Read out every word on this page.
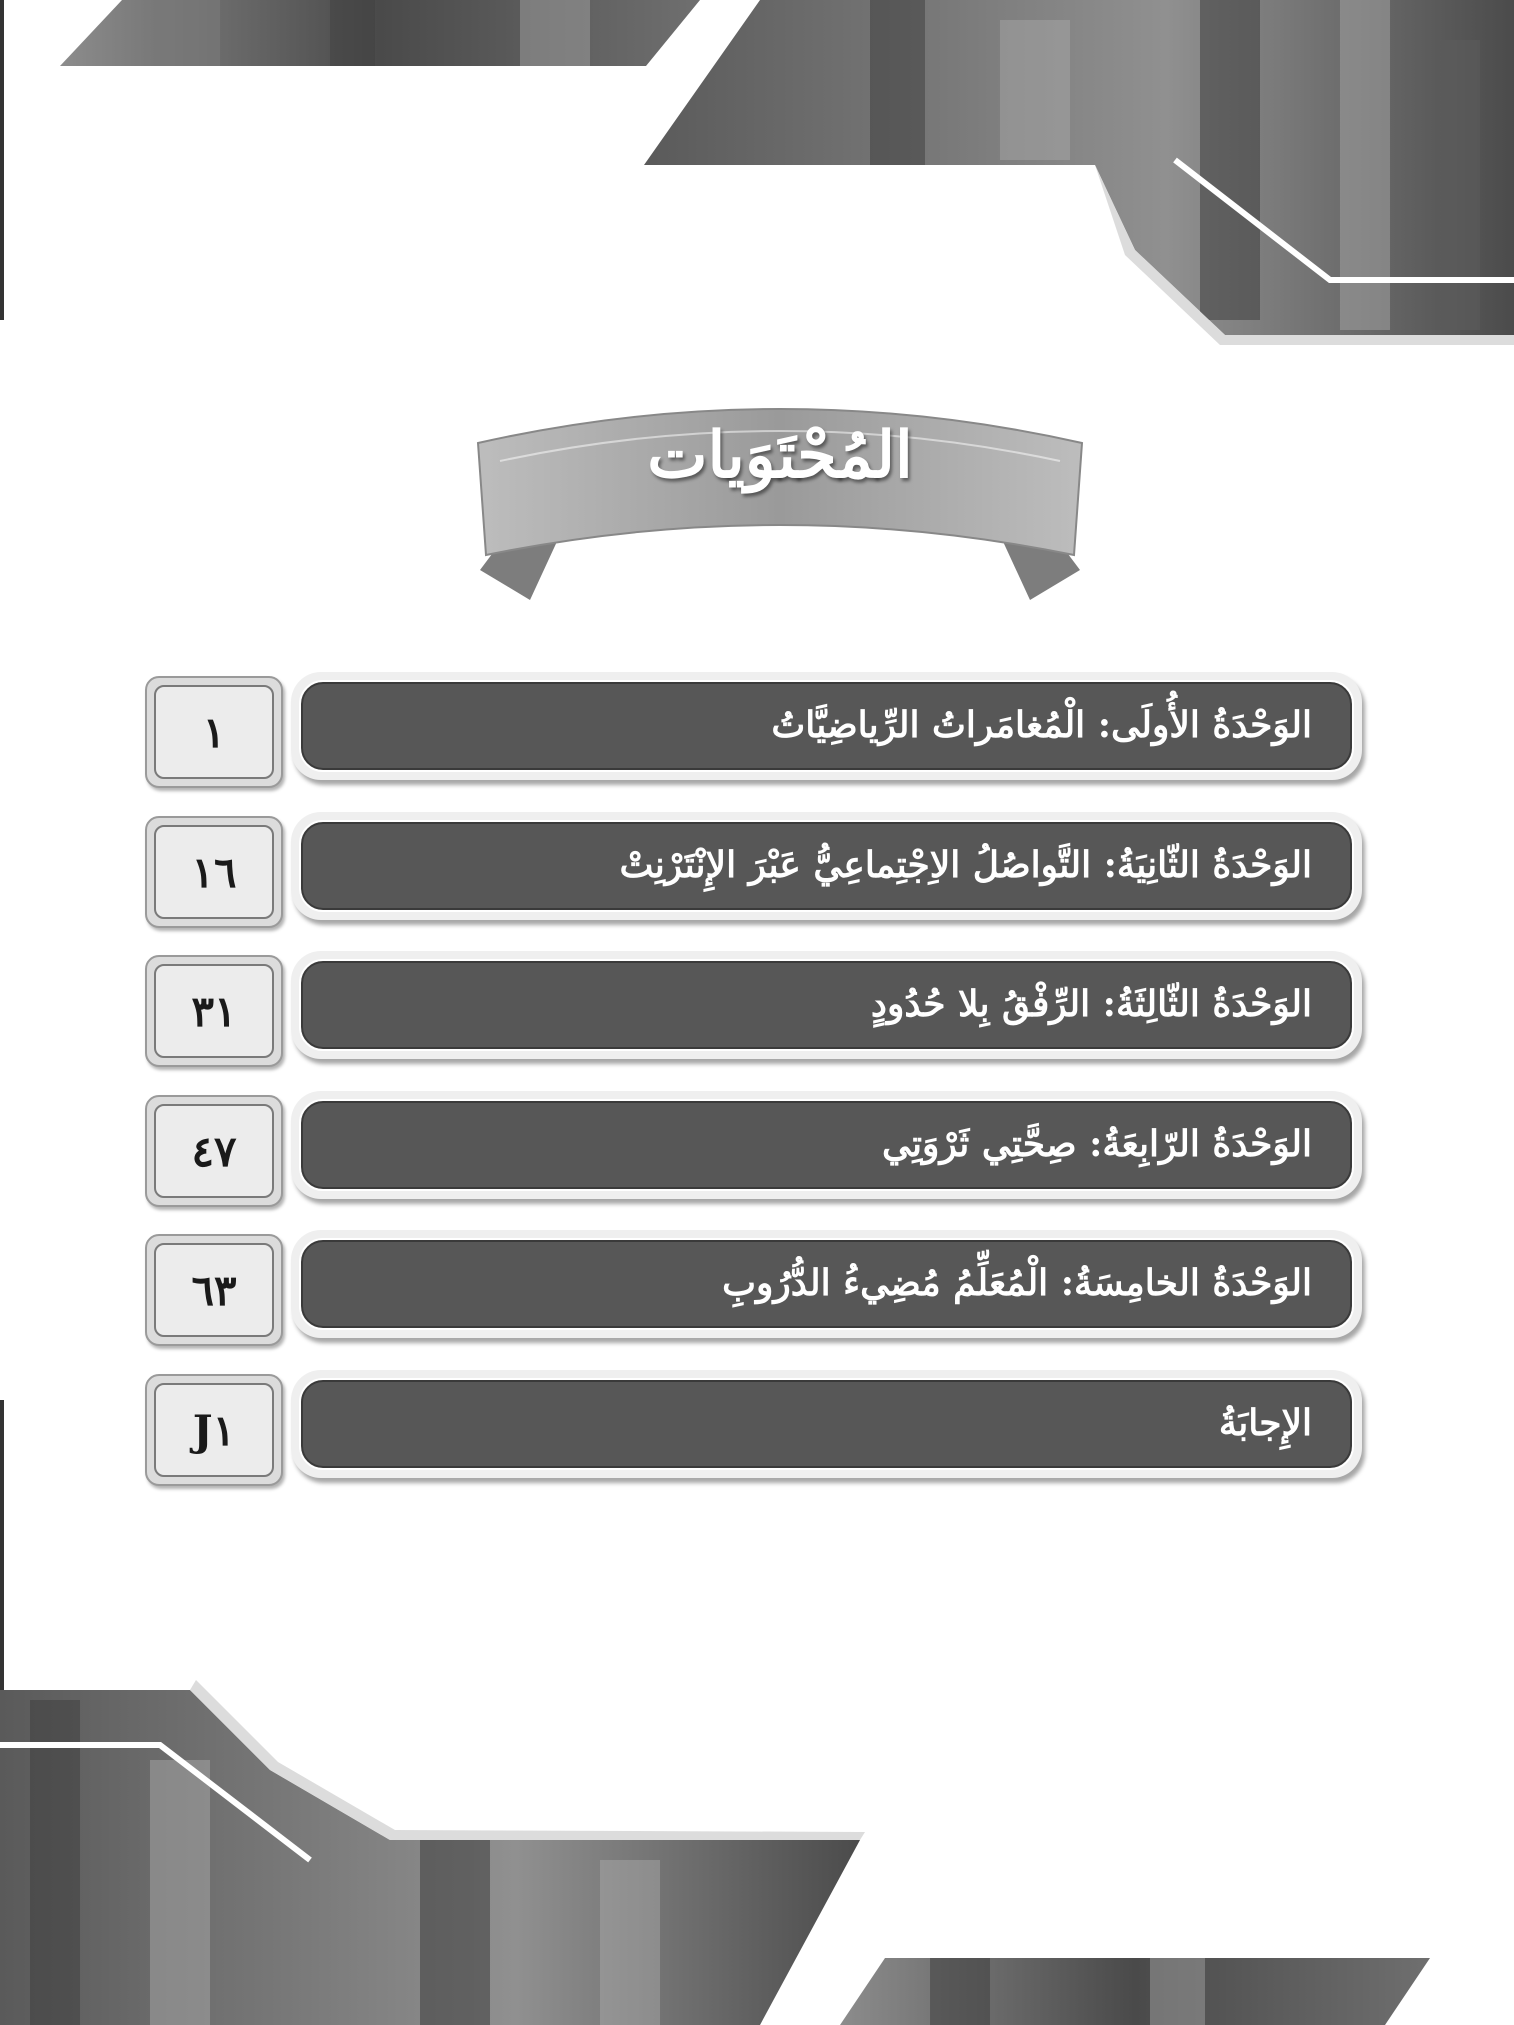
المُحْتَوَيات
١	الوَحْدَةُ الأُولَى: الْمُغامَراتُ الرِّياضِيَّاتُ
١٦	الوَحْدَةُ الثّانِيَةُ: التَّواصُلُ الاِجْتِماعِيُّ عَبْرَ الإِنْتَرْنِتْ
٣١	الوَحْدَةُ الثّالِثَةُ: الرِّفْقُ بِلا حُدُودٍ
٤٧	الوَحْدَةُ الرّابِعَةُ: صِحَّتِي ثَرْوَتِي
٦٣	الوَحْدَةُ الخامِسَةُ: الْمُعَلِّمُ مُضِيءُ الدُّرُوبِ
J١	الإِجابَةُ
